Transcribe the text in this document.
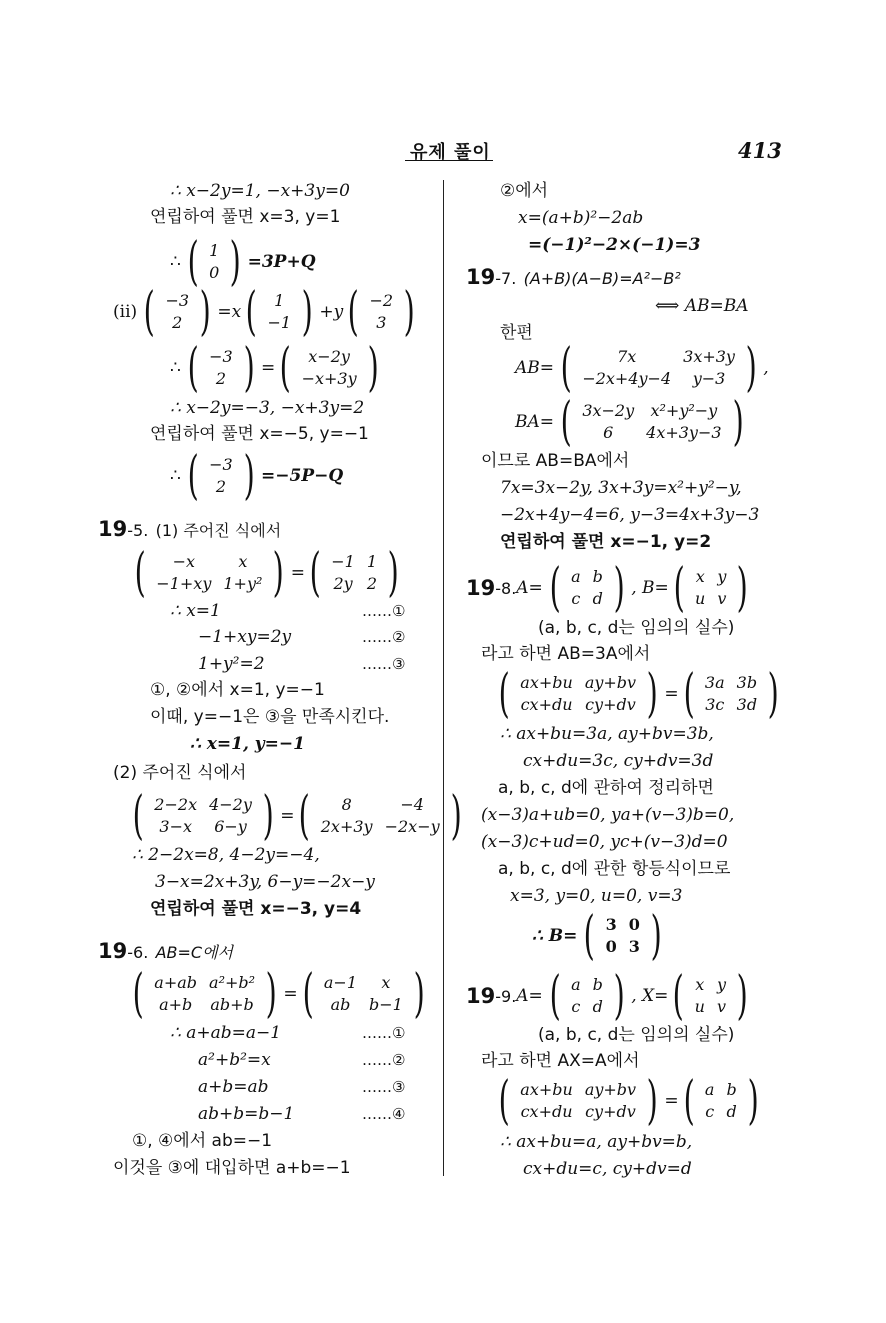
유제 풀이	413
∴ x−2y=1, −x+3y=0
연립하여 풀면 x=3, y=1
∴ ( 1
0 ) =3P+Q
(ii) ( −3
2 ) =x ( 1
−1 ) +y ( −2
3 )
∴ ( −3
2 ) = ( x−2y
−x+3y )
∴ x−2y=−3, −x+3y=2
연립하여 풀면 x=−5, y=−1
∴ ( −3
2 ) =−5P−Q
19-5. (1) 주어진 식에서
( −x	x
−1+xy	1+y² ) = ( −1	1
2y	2 )
∴ x=1	……①
−1+xy=2y	……②
1+y²=2	……③
①, ②에서 x=1, y=−1
이때, y=−1은 ③을 만족시킨다.
∴ x=1, y=−1
(2) 주어진 식에서
( 2−2x	4−2y
3−x	6−y ) = ( 8	−4
2x+3y	−2x−y )
∴ 2−2x=8, 4−2y=−4,
3−x=2x+3y, 6−y=−2x−y
연립하여 풀면 x=−3, y=4
19-6. AB=C에서
( a+ab	a²+b²
a+b	ab+b ) = ( a−1	x
ab	b−1 )
∴ a+ab=a−1	……①
a²+b²=x	……②
a+b=ab	……③
ab+b=b−1	……④
①, ④에서 ab=−1
이것을 ③에 대입하면 a+b=−1
②에서
x=(a+b)²−2ab
=(−1)²−2×(−1)=3
19-7. (A+B)(A−B)=A²−B²
⟺ AB=BA
한편
AB= (	7x	3x+3y
−2x+4y−4	y−3 ) ,
BA= ( 3x−2y	x²+y²−y
6	4x+3y−3 )
이므로 AB=BA에서
7x=3x−2y, 3x+3y=x²+y²−y,
−2x+4y−4=6, y−3=4x+3y−3
연립하여 풀면 x=−1, y=2
19 -8. A= ( a	b
c	d ) , B= ( x	y
u	v )
(a, b, c, d는 임의의 실수)
라고 하면 AB=3A에서
( ax+bu	ay+bv
cx+du	cy+dv ) = ( 3a	3b
3c	3d )
∴ ax+bu=3a, ay+bv=3b,
cx+du=3c, cy+dv=3d
a, b, c, d에 관하여 정리하면
(x−3)a+ub=0, ya+(v−3)b=0,
(x−3)c+ud=0, yc+(v−3)d=0
a, b, c, d에 관한 항등식이므로
x=3, y=0, u=0, v=3
∴ B= ( 3	0
0	3 )
19 -9. A= ( a	b
c	d ) , X= ( x	y
u	v )
(a, b, c, d는 임의의 실수)
라고 하면 AX=A에서
( ax+bu	ay+bv
cx+du	cy+dv ) = ( a	b
c	d )
∴ ax+bu=a, ay+bv=b,
cx+du=c, cy+dv=d
